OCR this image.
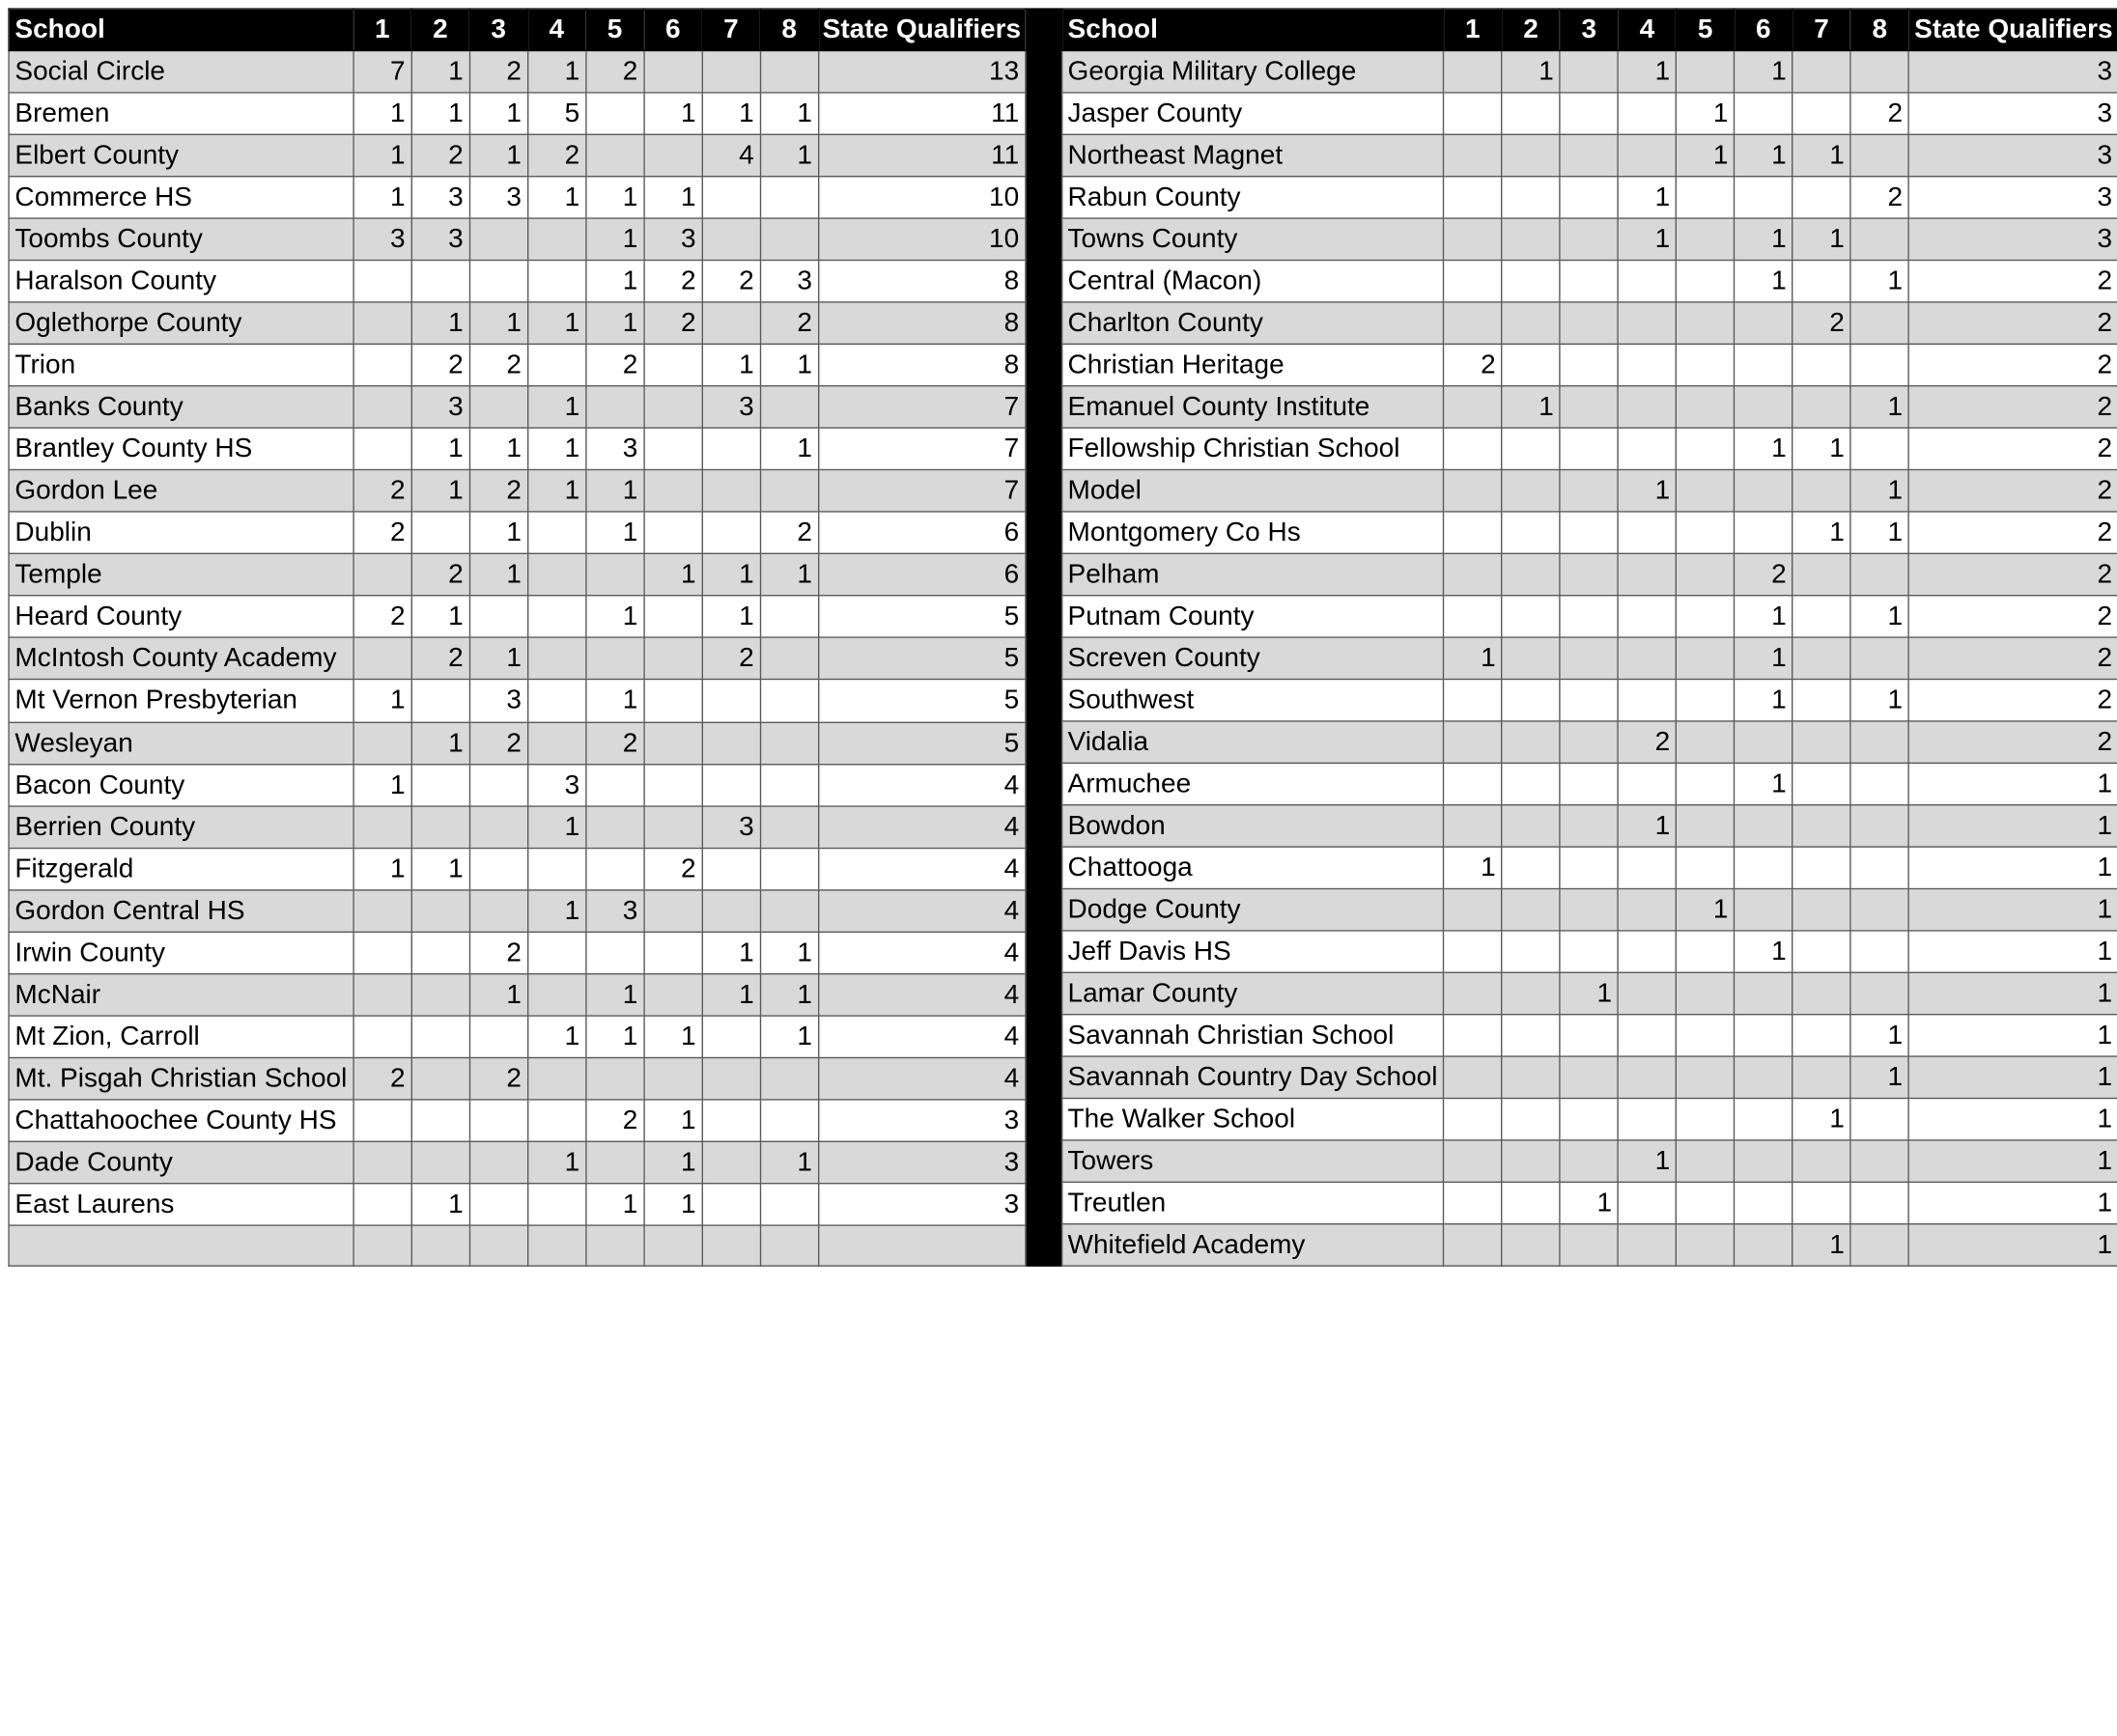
School	1	2	3	4	5	6	7	8	State Qualifiers
Social Circle	7	1	2	1	2				13
Bremen	1	1	1	5		1	1	1	11
Elbert County	1	2	1	2			4	1	11
Commerce HS	1	3	3	1	1	1			10
Toombs County	3	3			1	3			10
Haralson County					1	2	2	3	8
Oglethorpe County		1	1	1	1	2		2	8
Trion		2	2		2		1	1	8
Banks County		3		1			3		7
Brantley County HS		1	1	1	3			1	7
Gordon Lee	2	1	2	1	1				7
Dublin	2		1		1			2	6
Temple		2	1			1	1	1	6
Heard County	2	1			1		1		5
McIntosh County Academy		2	1				2		5
Mt Vernon Presbyterian	1		3		1				5
Wesleyan		1	2		2				5
Bacon County	1			3					4
Berrien County				1			3		4
Fitzgerald	1	1				2			4
Gordon Central HS				1	3				4
Irwin County			2				1	1	4
McNair			1		1		1	1	4
Mt Zion, Carroll				1	1	1		1	4
Mt. Pisgah Christian School	2		2						4
Chattahoochee County HS					2	1			3
Dade County				1		1		1	3
East Laurens		1			1	1			3

School	1	2	3	4	5	6	7	8	State Qualifiers
Georgia Military College		1		1		1			3
Jasper County					1			2	3
Northeast Magnet					1	1	1		3
Rabun County				1				2	3
Towns County				1		1	1		3
Central (Macon)						1		1	2
Charlton County							2		2
Christian Heritage	2								2
Emanuel County Institute		1						1	2
Fellowship Christian School						1	1		2
Model				1				1	2
Montgomery Co Hs							1	1	2
Pelham						2			2
Putnam County						1		1	2
Screven County	1					1			2
Southwest						1		1	2
Vidalia				2					2
Armuchee						1			1
Bowdon				1					1
Chattooga	1								1
Dodge County					1				1
Jeff Davis HS						1			1
Lamar County			1						1
Savannah Christian School								1	1
Savannah Country Day School								1	1
The Walker School							1		1
Towers				1					1
Treutlen			1						1
Whitefield Academy							1		1
